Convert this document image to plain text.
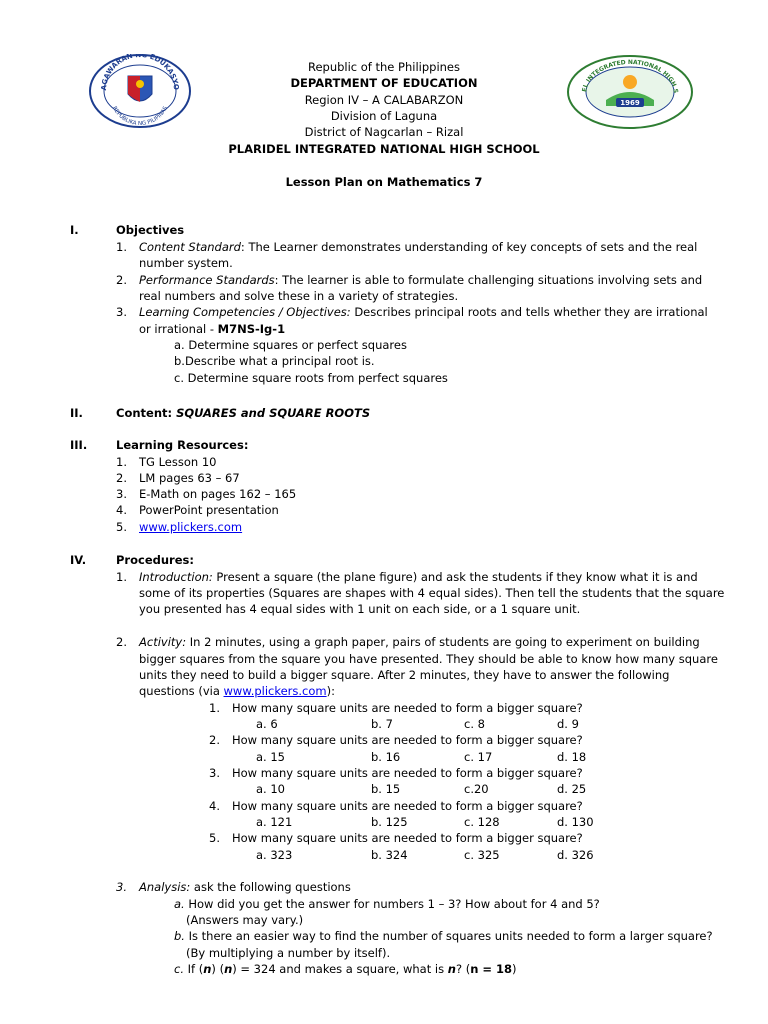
AGAWARAN NG EDUKASYO
REPUBLIKA NG PILIPINAS
EL INTEGRATED NATIONAL HIGH S
1969
Republic of the Philippines
DEPARTMENT OF EDUCATION
Region IV – A CALABARZON
Division of Laguna
District of Nagcarlan – Rizal
PLARIDEL INTEGRATED NATIONAL HIGH SCHOOL
Lesson Plan on Mathematics 7
I.	Objectives
1. Content Standard: The Learner demonstrates understanding of key concepts of sets and the real
number system.
2. Performance Standards: The learner is able to formulate challenging situations involving sets and
real numbers and solve these in a variety of strategies.
3. Learning Competencies / Objectives: Describes principal roots and tells whether they are irrational
or irrational - M7NS-Ig-1
a. Determine squares or perfect squares
b.Describe what a principal root is.
c. Determine square roots from perfect squares
II.	Content: SQUARES and SQUARE ROOTS
III.	Learning Resources:
1. TG Lesson 10
2. LM pages 63 – 67
3. E-Math on pages 162 – 165
4. PowerPoint presentation
5. www.plickers.com
IV.	Procedures:
1. Introduction: Present a square (the plane figure) and ask the students if they know what it is and
some of its properties (Squares are shapes with 4 equal sides). Then tell the students that the square
you presented has 4 equal sides with 1 unit on each side, or a 1 square unit.
2. Activity: In 2 minutes, using a graph paper, pairs of students are going to experiment on building
bigger squares from the square you have presented. They should be able to know how many square
units they need to build a bigger square. After 2 minutes, they have to answer the following
questions (via www.plickers.com):
1. How many square units are needed to form a bigger square?
a. 6	b. 7	c. 8	d. 9
2. How many square units are needed to form a bigger square?
a. 15	b. 16	c. 17	d. 18
3. How many square units are needed to form a bigger square?
a. 10	b. 15	c.20	d. 25
4. How many square units are needed to form a bigger square?
a. 121	b. 125	c. 128	d. 130
5. How many square units are needed to form a bigger square?
a. 323	b. 324	c. 325	d. 326
3. Analysis: ask the following questions
a. How did you get the answer for numbers 1 – 3? How about for 4 and 5?
(Answers may vary.)
b. Is there an easier way to find the number of squares units needed to form a larger square?
(By multiplying a number by itself).
c. If (n) (n) = 324 and makes a square, what is n? (n = 18)
